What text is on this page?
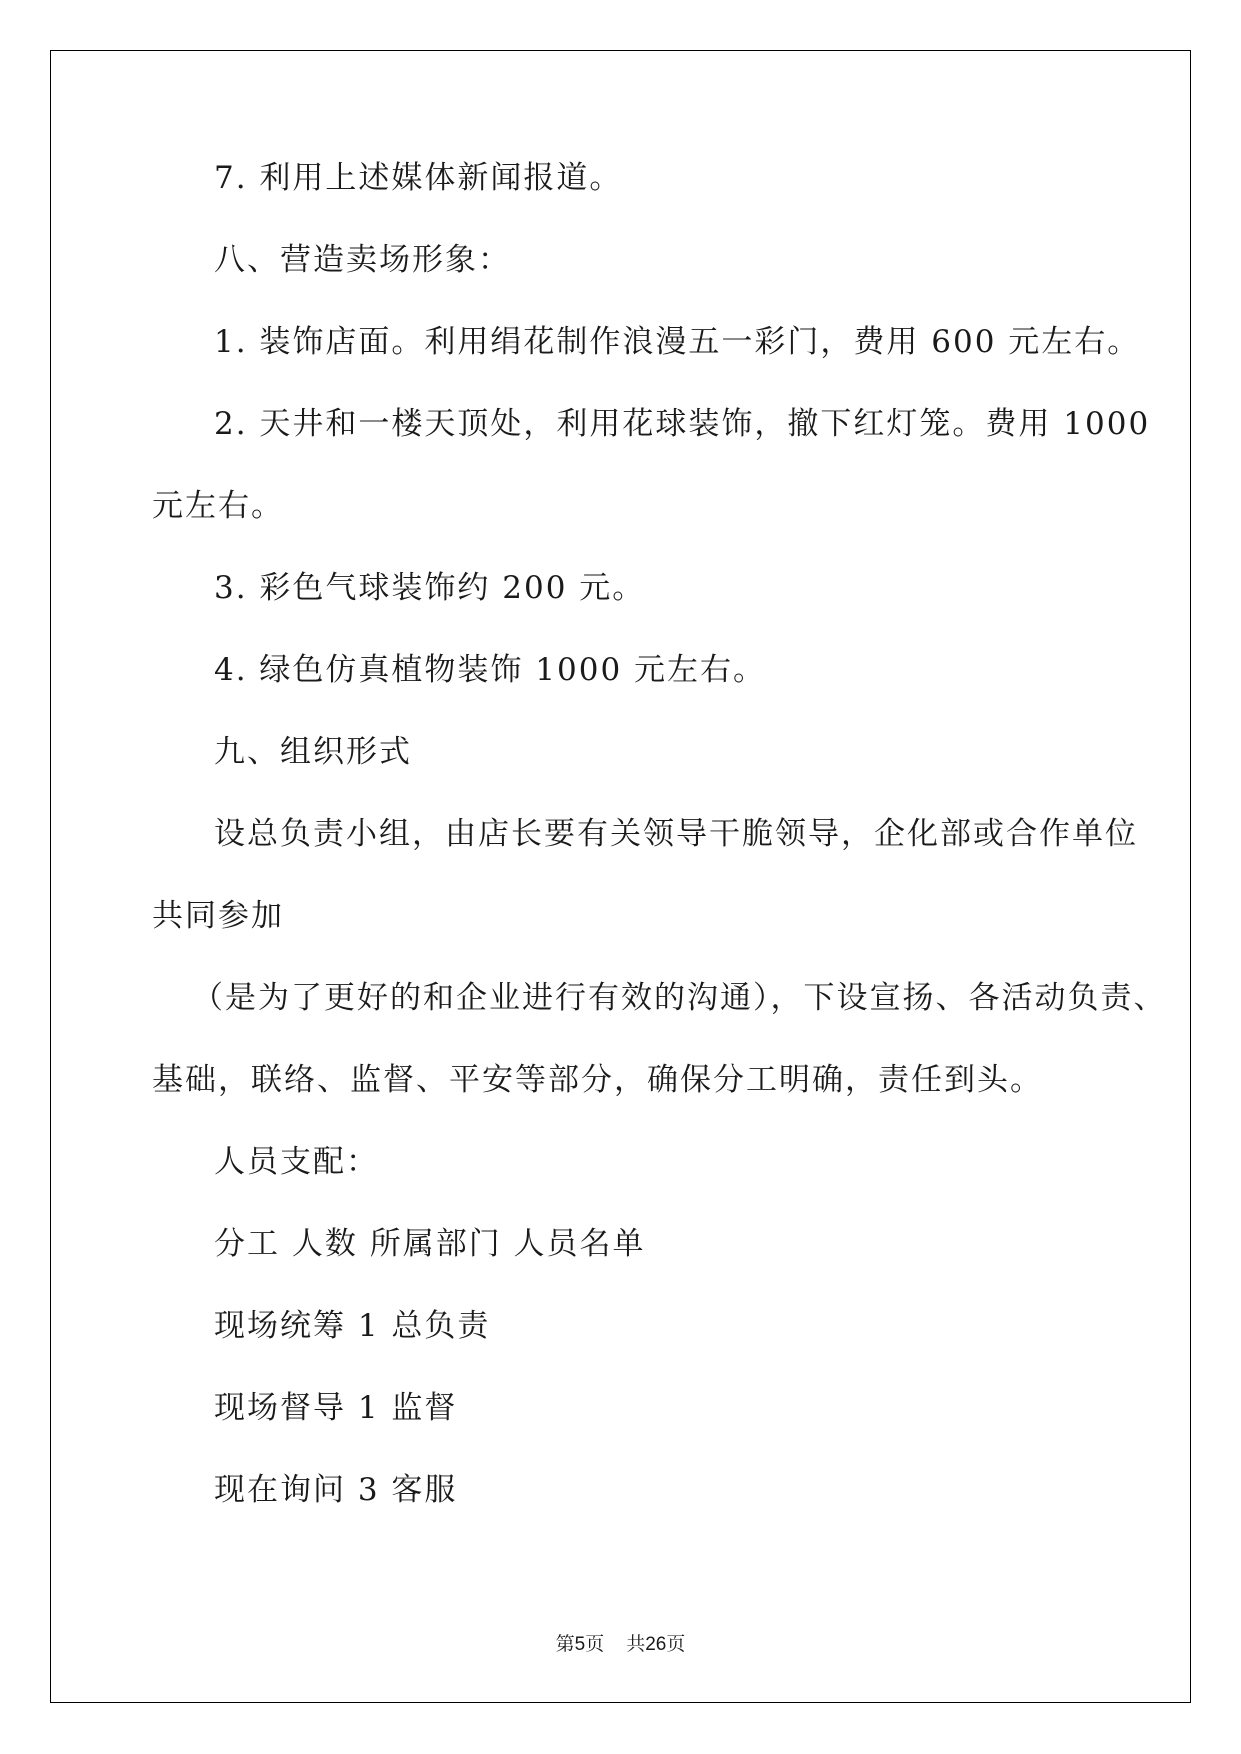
7. 利用上述媒体新闻报道。
八、营造卖场形象：
1. 装饰店面。利用绢花制作浪漫五一彩门，费用 600 元左右。
2. 天井和一楼天顶处，利用花球装饰，撤下红灯笼。费用 1000
元左右。
3. 彩色气球装饰约 200 元。
4. 绿色仿真植物装饰 1000 元左右。
九、组织形式
设总负责小组，由店长要有关领导干脆领导，企化部或合作单位
共同参加
（是为了更好的和企业进行有效的沟通），下设宣扬、各活动负责、
基础，联络、监督、平安等部分，确保分工明确，责任到头。
人员支配：
分工 人数 所属部门 人员名单
现场统筹 1 总负责
现场督导 1 监督
现在询问 3 客服
第5页 共26页
